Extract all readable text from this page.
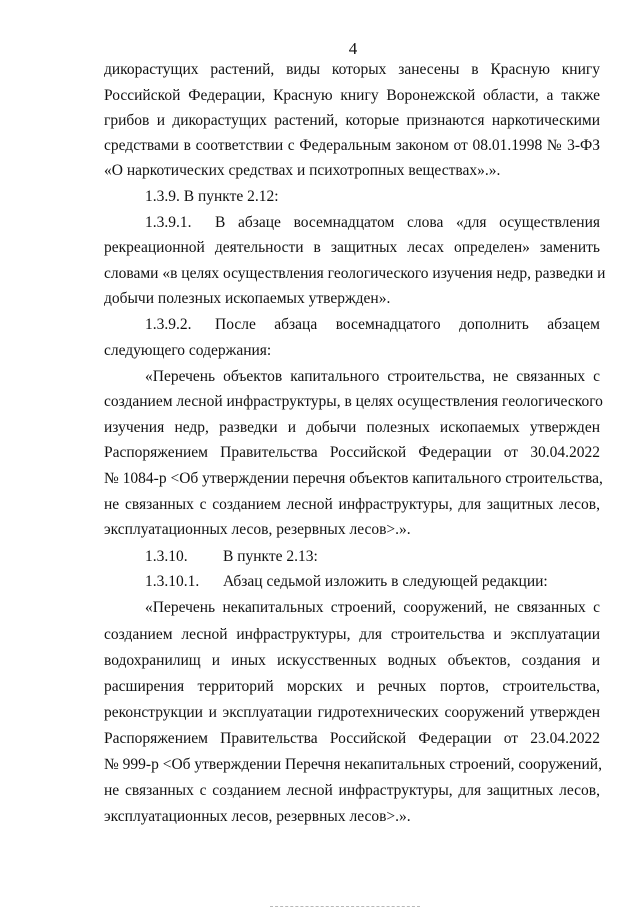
4
дикорастущих растений, виды которых занесены в Красную книгу
Российской Федерации, Красную книгу Воронежской области, а также
грибов и дикорастущих растений, которые признаются наркотическими
средствами в соответствии с Федеральным законом от 08.01.1998 № 3-ФЗ
«О наркотических средствах и психотропных веществах».».
1.3.9. В пункте 2.12:
1.3.9.1.	В абзаце восемнадцатом слова «для осуществления
рекреационной деятельности в защитных лесах определен» заменить
словами «в целях осуществления геологического изучения недр, разведки и
добычи полезных ископаемых утвержден».
1.3.9.2.	После абзаца восемнадцатого дополнить абзацем
следующего содержания:
«Перечень объектов капитального строительства, не связанных с
созданием лесной инфраструктуры, в целях осуществления геологического
изучения недр, разведки и добычи полезных ископаемых утвержден
Распоряжением Правительства Российской Федерации от 30.04.2022
№ 1084-р <Об утверждении перечня объектов капитального строительства,
не связанных с созданием лесной инфраструктуры, для защитных лесов,
эксплуатационных лесов, резервных лесов>.».
1.3.10. В пункте 2.13:
1.3.10.1. Абзац седьмой изложить в следующей редакции:
«Перечень некапитальных строений, сооружений, не связанных с
созданием лесной инфраструктуры, для строительства и эксплуатации
водохранилищ и иных искусственных водных объектов, создания и
расширения территорий морских и речных портов, строительства,
реконструкции и эксплуатации гидротехнических сооружений утвержден
Распоряжением Правительства Российской Федерации от 23.04.2022
№ 999-р <Об утверждении Перечня некапитальных строений, сооружений,
не связанных с созданием лесной инфраструктуры, для защитных лесов,
эксплуатационных лесов, резервных лесов>.».
